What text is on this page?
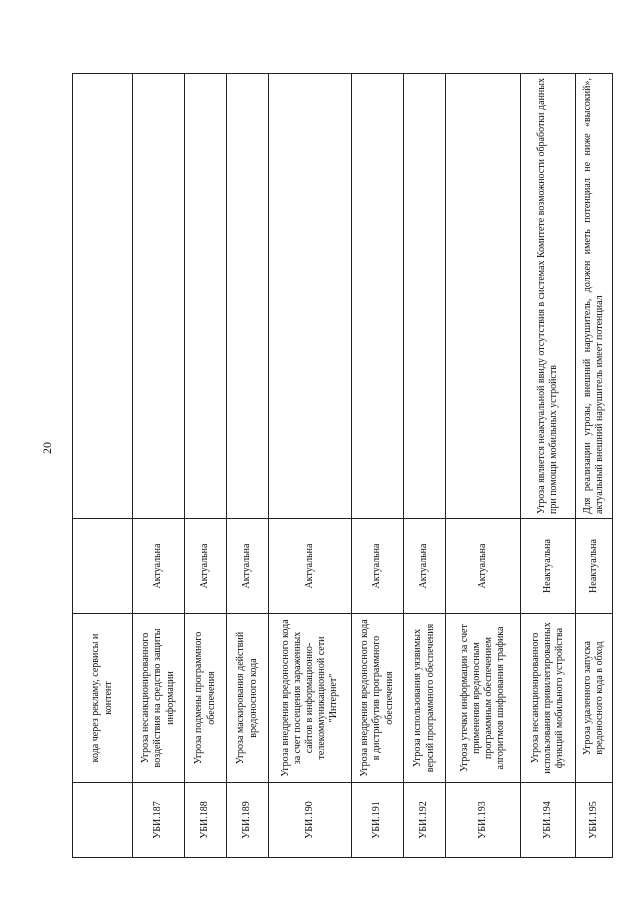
20
	кода через рекламу, сервисы и контент		
УБИ.187	Угроза несанкционированного воздействия на средство защиты информации	Актуальна	
УБИ.188	Угроза подмены программного обеспечения	Актуальна	
УБИ.189	Угроза маскирования действий вредоносного кода	Актуальна	
УБИ.190	Угроза внедрения вредоносного кода за счет посещения зараженных сайтов в информационно-телекоммуникационной сети "Интернет"	Актуальна	
УБИ.191	Угроза внедрения вредоносного кода в дистрибутив программного обеспечения	Актуальна	
УБИ.192	Угроза использования уязвимых версий программного обеспечения	Актуальна	
УБИ.193	Угроза утечки информации за счет применения вредоносным программным обеспечением алгоритмов шифрования трафика	Актуальна	
УБИ.194	Угроза несанкционированного использования привилегированных функций мобильного устройства	Неактуальна	Угроза является неактуальной ввиду отсутствия в системах Комитете возможности обработки данных при помощи мобильных устройств
УБИ.195	Угроза удаленного запуска вредоносного кода в обход	Неактуальна	Для реализации угрозы, внешний нарушитель, должен иметь потенциал не ниже «высокий», актуальный внешний нарушитель имеет потенциал
